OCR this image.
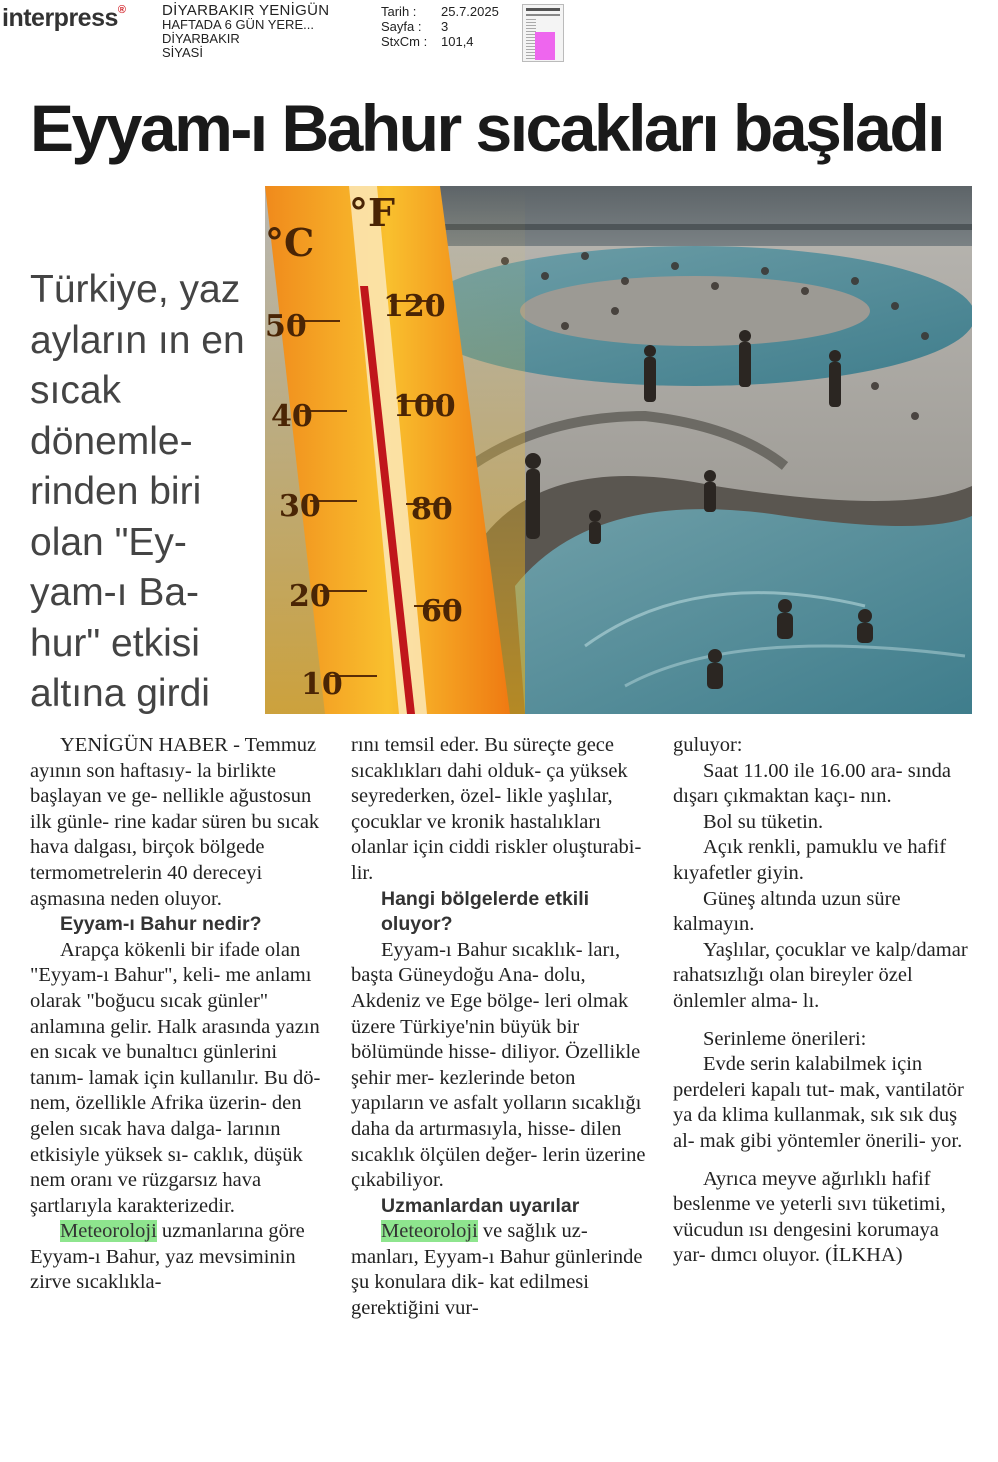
interpress® DİYARBAKIR YENİGÜN
HAFTADA 6 GÜN YERE...
DİYARBAKIR
SİYASİ
Tarih :	25.7.2025
Sayfa :	3
StxCm :	101,4
Eyyam-ı Bahur sıcakları başladı
Türkiye, yaz ayların ın en sıcak dönemle- rinden biri olan "Ey- yam-ı Ba- hur" etkisi altına girdi
°C
°F
50
40
30
20
10
120
100
80
60

YENİGÜN HABER - Temmuz ayının son haftasıy- la birlikte başlayan ve ge- nellikle ağustosun ilk günle- rine kadar süren bu sıcak hava dalgası, birçok bölgede termometrelerin 40 dereceyi aşmasına neden oluyor.

Eyyam-ı Bahur nedir?

Arapça kökenli bir ifade olan "Eyyam-ı Bahur", keli- me anlamı olarak "boğucu sıcak günler" anlamına gelir. Halk arasında yazın en sıcak ve bunaltıcı günlerini tanım- lamak için kullanılır. Bu dö- nem, özellikle Afrika üzerin- den gelen sıcak hava dalga- larının etkisiyle yüksek sı- caklık, düşük nem oranı ve rüzgarsız hava şartlarıyla karakterizedir.

Meteoroloji uzmanlarına göre Eyyam-ı Bahur, yaz mevsiminin zirve sıcaklıkla-

rını temsil eder. Bu süreçte gece sıcaklıkları dahi olduk- ça yüksek seyrederken, özel- likle yaşlılar, çocuklar ve kronik hastalıkları olanlar için ciddi riskler oluşturabi- lir.

Hangi bölgelerde etkili oluyor?

Eyyam-ı Bahur sıcaklık- ları, başta Güneydoğu Ana- dolu, Akdeniz ve Ege bölge- leri olmak üzere Türkiye'nin büyük bir bölümünde hisse- diliyor. Özellikle şehir mer- kezlerinde beton yapıların ve asfalt yolların sıcaklığı daha da artırmasıyla, hisse- dilen sıcaklık ölçülen değer- lerin üzerine çıkabiliyor.

Uzmanlardan uyarılar

Meteoroloji ve sağlık uz- manları, Eyyam-ı Bahur günlerinde şu konulara dik- kat edilmesi gerektiğini vur-

guluyor:

Saat 11.00 ile 16.00 ara- sında dışarı çıkmaktan kaçı- nın.

Bol su tüketin.

Açık renkli, pamuklu ve hafif kıyafetler giyin.

Güneş altında uzun süre kalmayın.

Yaşlılar, çocuklar ve kalp/damar rahatsızlığı olan bireyler özel önlemler alma- lı.

Serinleme önerileri:

Evde serin kalabilmek için perdeleri kapalı tut- mak, vantilatör ya da klima kullanmak, sık sık duş al- mak gibi yöntemler önerili- yor.

Ayrıca meyve ağırlıklı hafif beslenme ve yeterli sıvı tüketimi, vücudun ısı dengesini korumaya yar- dımcı oluyor. (İLKHA)
